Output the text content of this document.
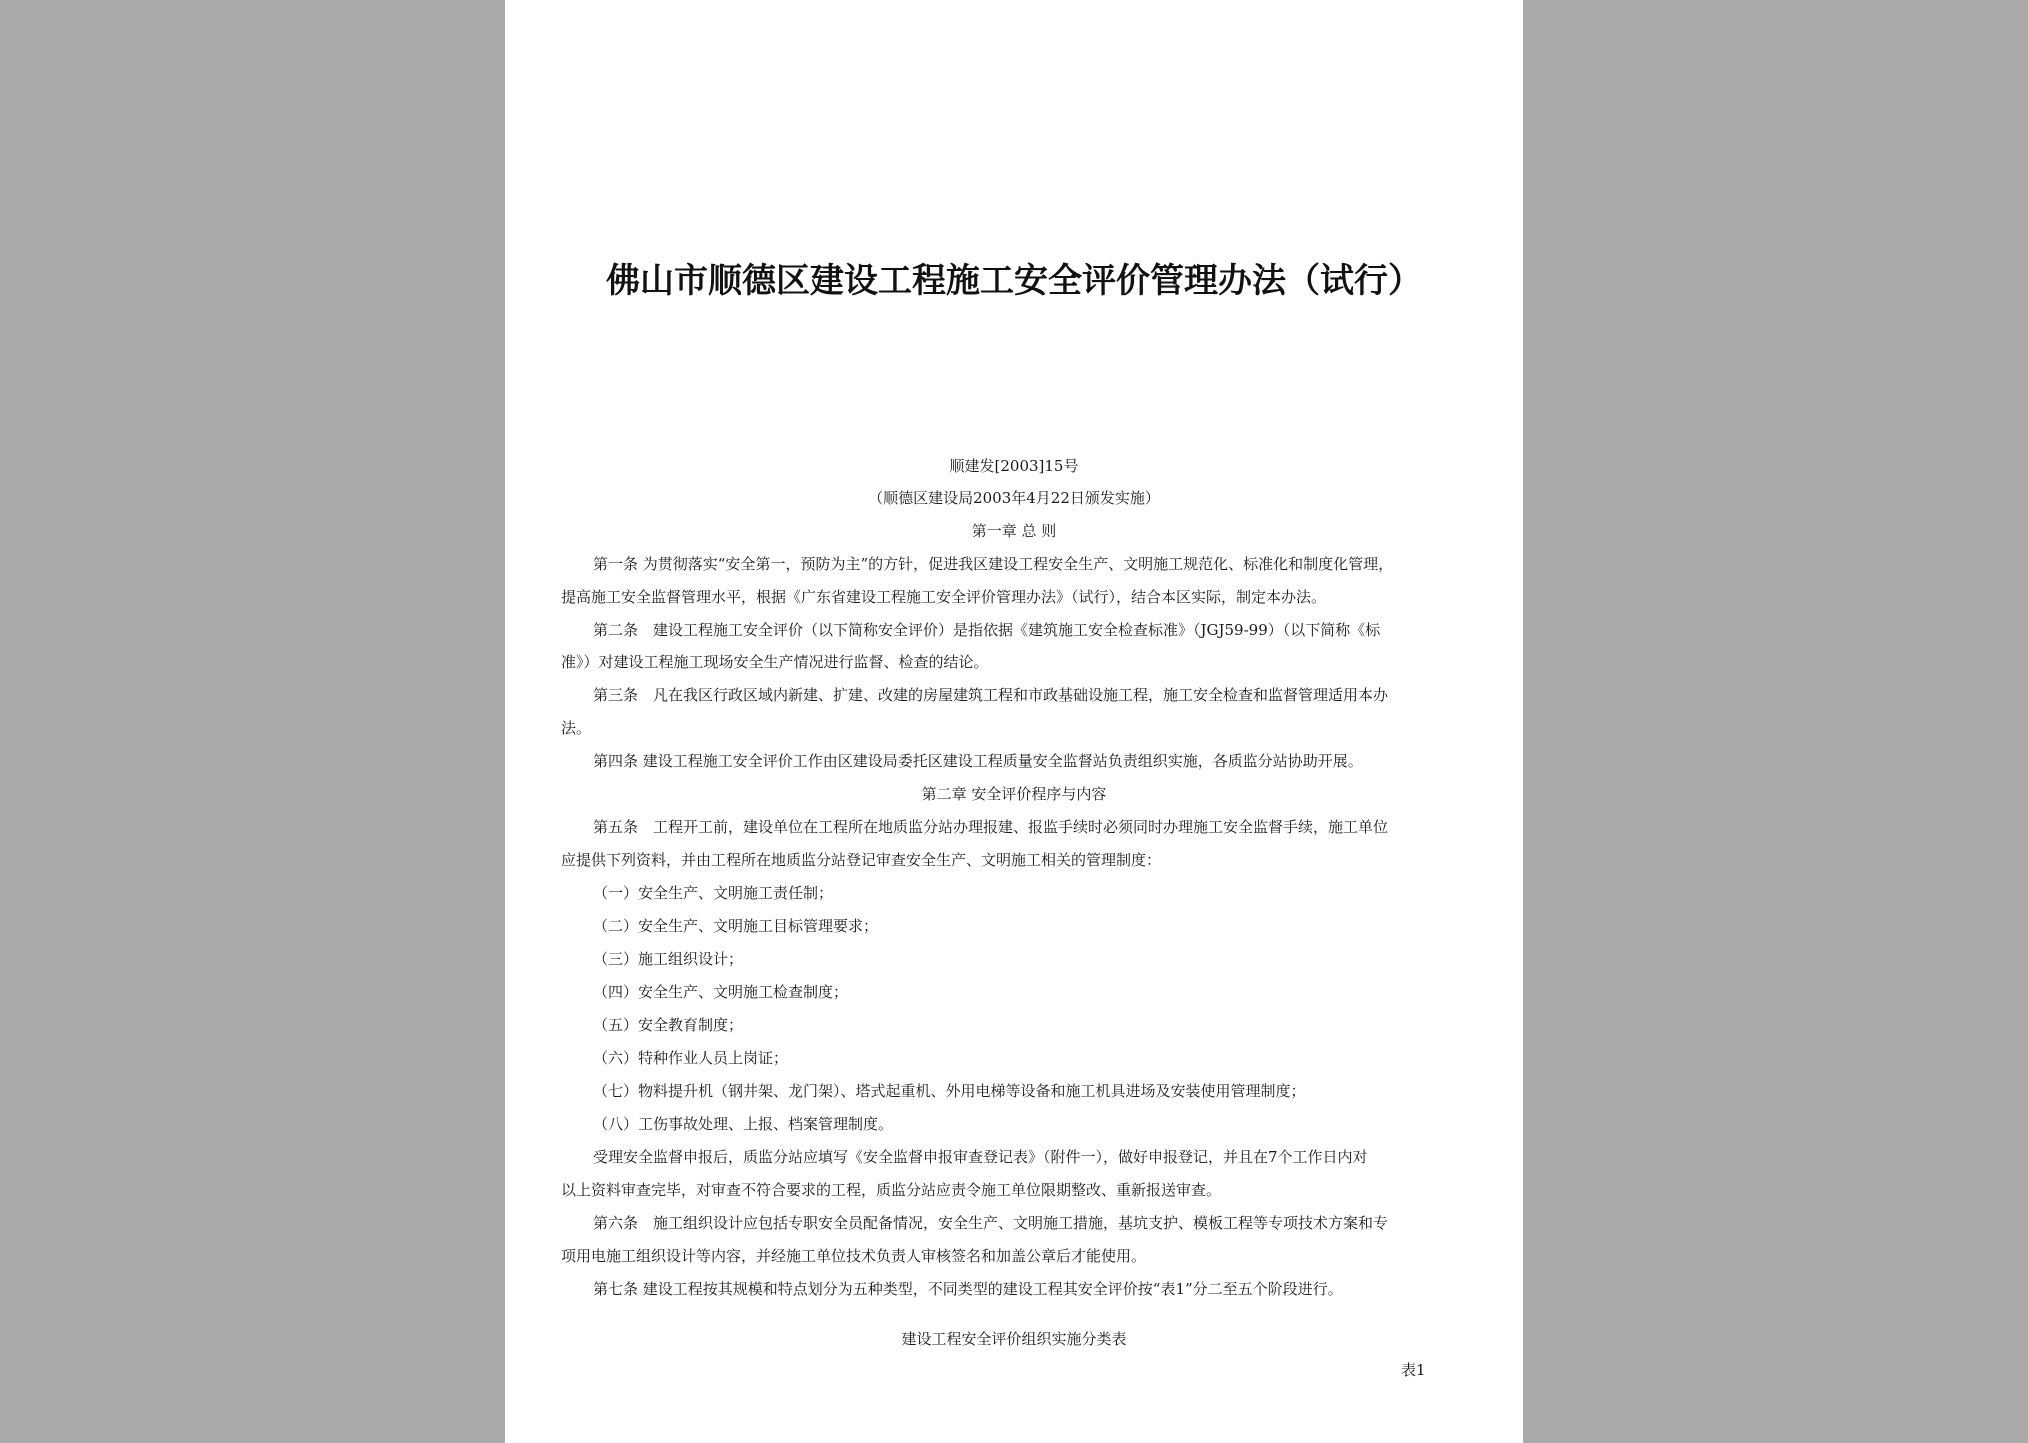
佛山市顺德区建设工程施工安全评价管理办法（试行）

顺建发[2003]15号

（顺德区建设局2003年4月22日颁发实施）

第一章 总 则

第一条 为贯彻落实“安全第一，预防为主”的方针，促进我区建设工程安全生产、文明施工规范化、标准化和制度化管理，

提高施工安全监督管理水平，根据《广东省建设工程施工安全评价管理办法》（试行），结合本区实际，制定本办法。

第二条　建设工程施工安全评价（以下简称安全评价）是指依据《建筑施工安全检查标准》（JGJ59-99）（以下简称《标

准》）对建设工程施工现场安全生产情况进行监督、检查的结论。

第三条　凡在我区行政区域内新建、扩建、改建的房屋建筑工程和市政基础设施工程，施工安全检查和监督管理适用本办

法。

第四条 建设工程施工安全评价工作由区建设局委托区建设工程质量安全监督站负责组织实施，各质监分站协助开展。

第二章 安全评价程序与内容

第五条　工程开工前，建设单位在工程所在地质监分站办理报建、报监手续时必须同时办理施工安全监督手续，施工单位

应提供下列资料，并由工程所在地质监分站登记审查安全生产、文明施工相关的管理制度：

（一）安全生产、文明施工责任制；

（二）安全生产、文明施工目标管理要求；

（三）施工组织设计；

（四）安全生产、文明施工检查制度；

（五）安全教育制度；

（六）特种作业人员上岗证；

（七）物料提升机（钢井架、龙门架）、塔式起重机、外用电梯等设备和施工机具进场及安装使用管理制度；

（八）工伤事故处理、上报、档案管理制度。

受理安全监督申报后，质监分站应填写《安全监督申报审查登记表》（附件一），做好申报登记，并且在7个工作日内对

以上资料审查完毕，对审查不符合要求的工程，质监分站应责令施工单位限期整改、重新报送审查。

第六条　施工组织设计应包括专职安全员配备情况，安全生产、文明施工措施，基坑支护、模板工程等专项技术方案和专

项用电施工组织设计等内容，并经施工单位技术负责人审核签名和加盖公章后才能使用。

第七条 建设工程按其规模和特点划分为五种类型，不同类型的建设工程其安全评价按“表1”分二至五个阶段进行。

建设工程安全评价组织实施分类表

表1
